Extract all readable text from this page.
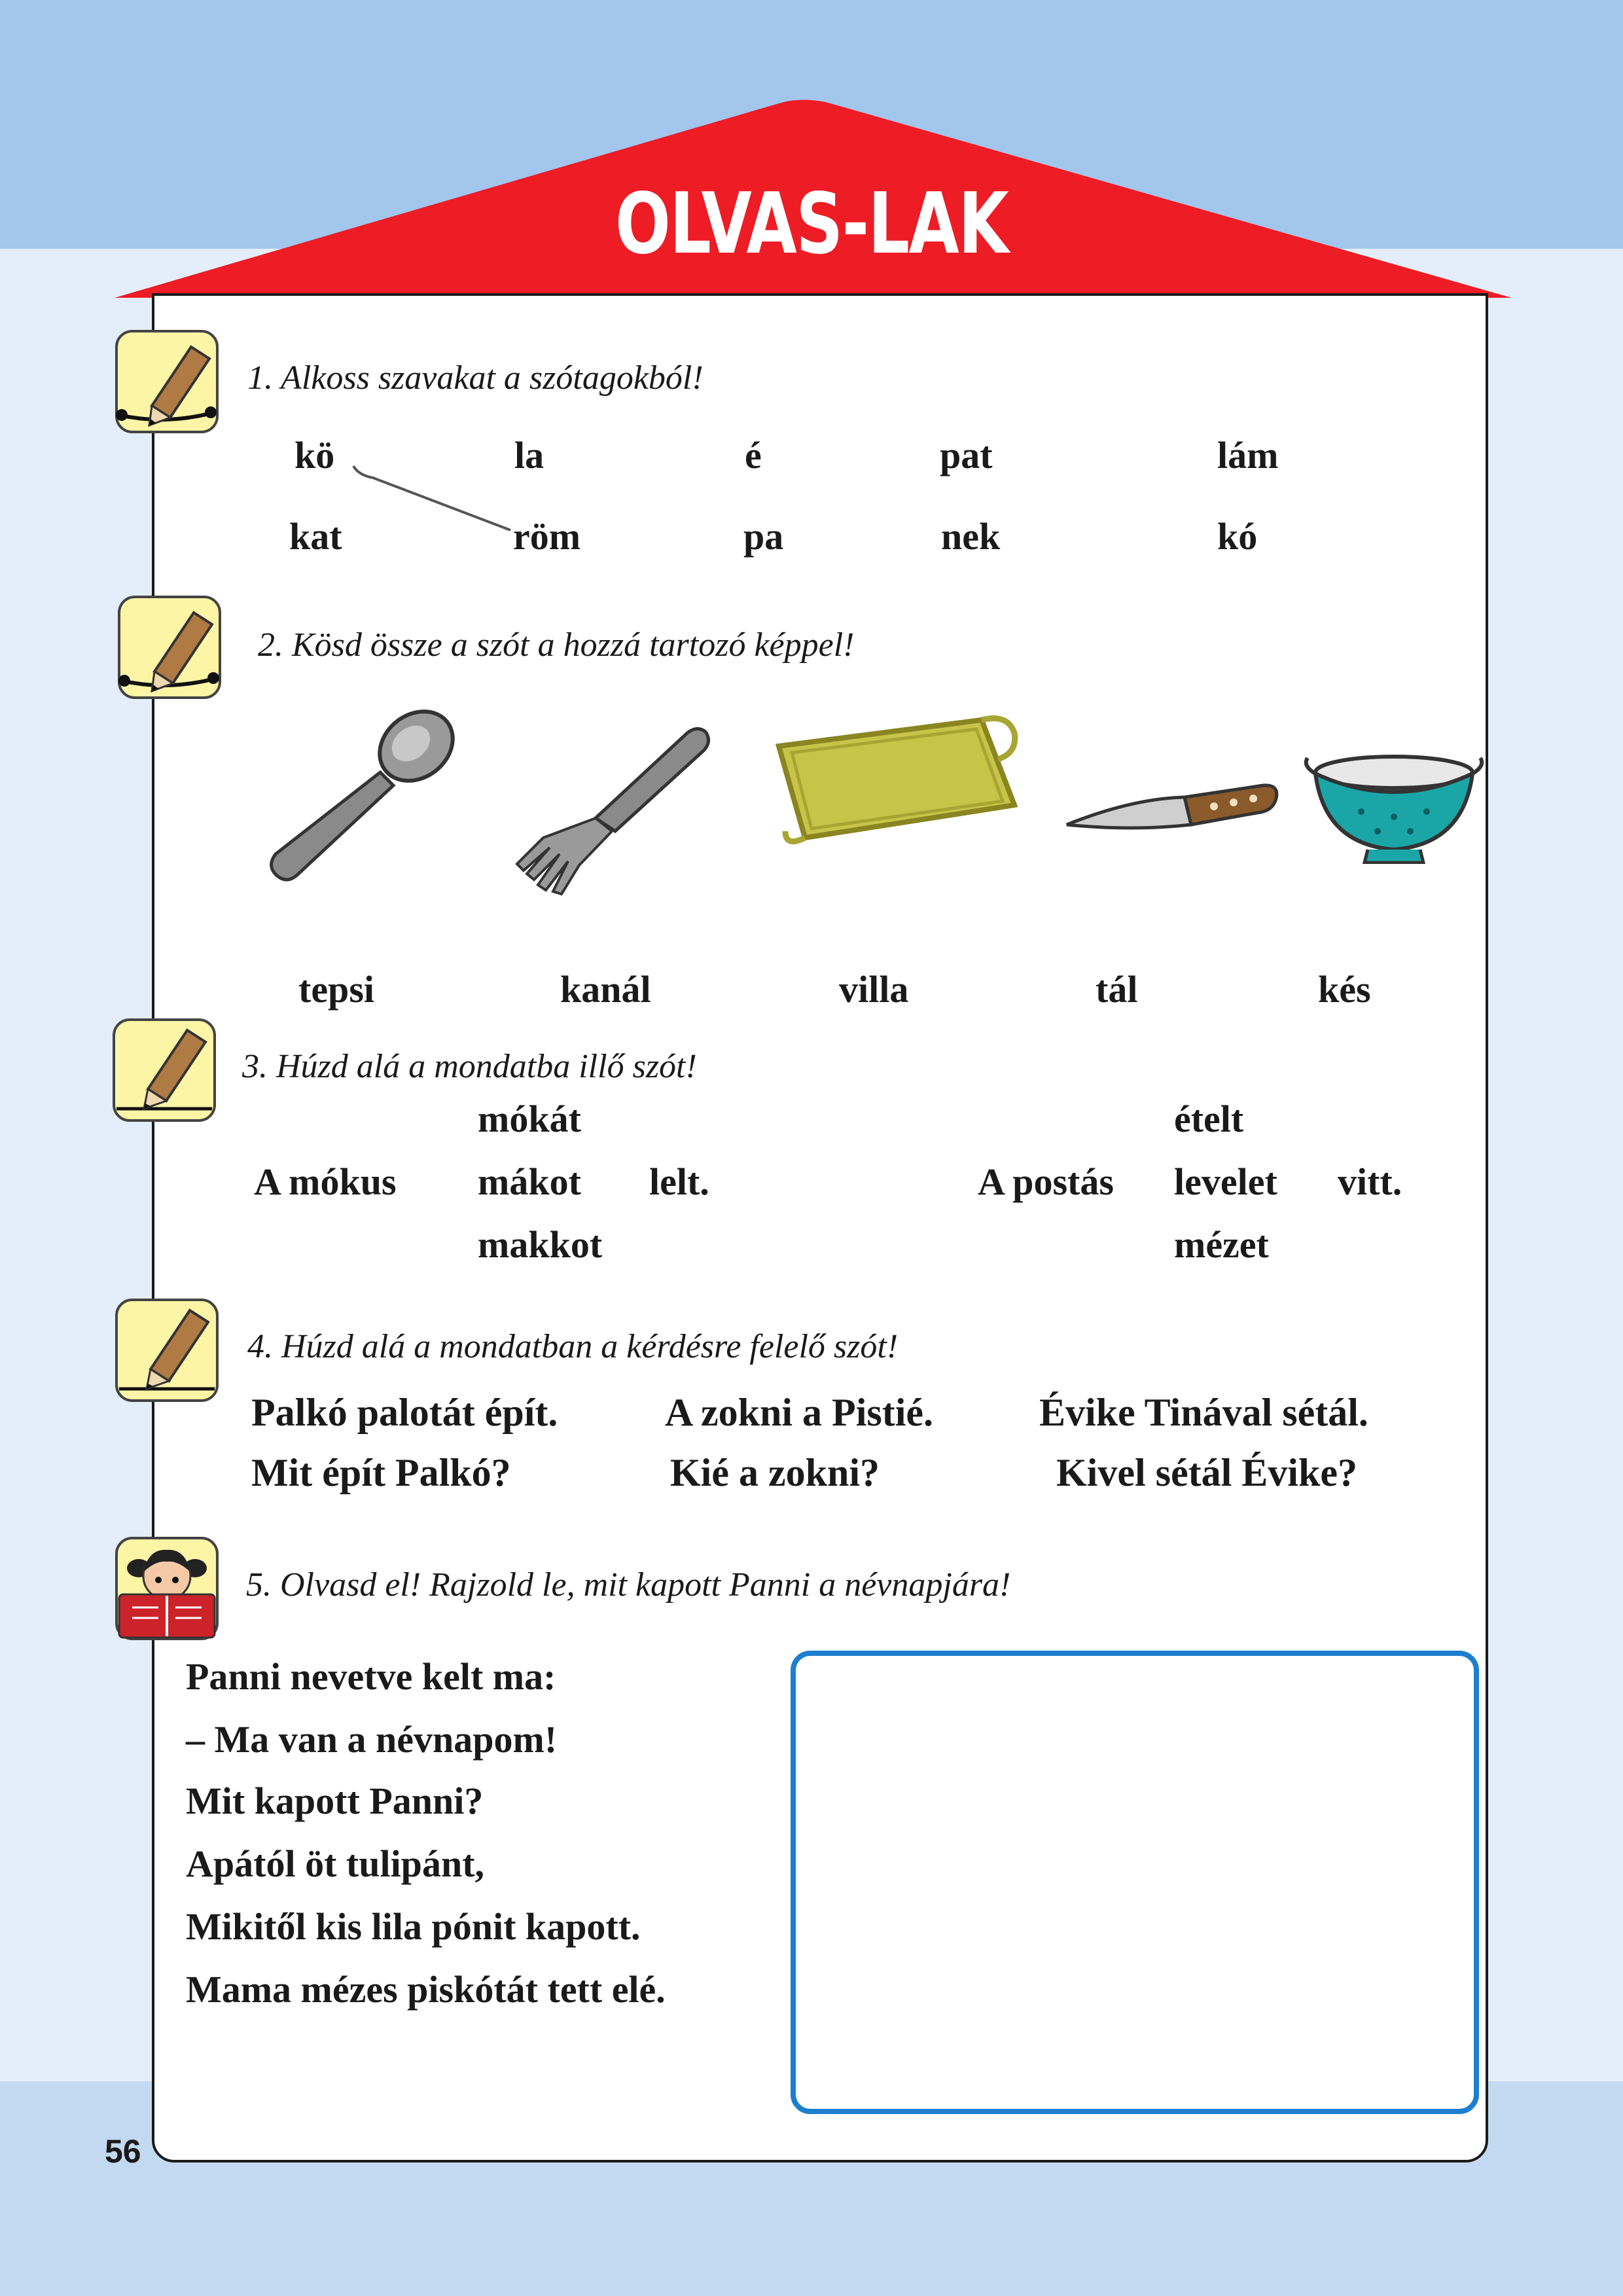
OLVAS-LAK
56
1. Alkoss szavakat a szótagokból!
kö	la	é	pat	lám
kat	röm	pa	nek	kó
2. Kösd össze a szót a hozzá tartozó képpel!
tepsi	kanál	villa	tál	kés
3. Húzd alá a mondatba illő szót!
mókát
A mókus mákot lelt.
makkot
ételt
A postás levelet vitt.
mézet
4. Húzd alá a mondatban a kérdésre felelő szót!
Palkó palotát épít.	A zokni a Pistié.	Évike Tinával sétál.
Mit épít Palkó?	Kié a zokni?	Kivel sétál Évike?
5. Olvasd el! Rajzold le, mit kapott Panni a névnapjára!
Panni nevetve kelt ma:
– Ma van a névnapom!
Mit kapott Panni?
Apától öt tulipánt,
Mikitől kis lila pónit kapott.
Mama mézes piskótát tett elé.
